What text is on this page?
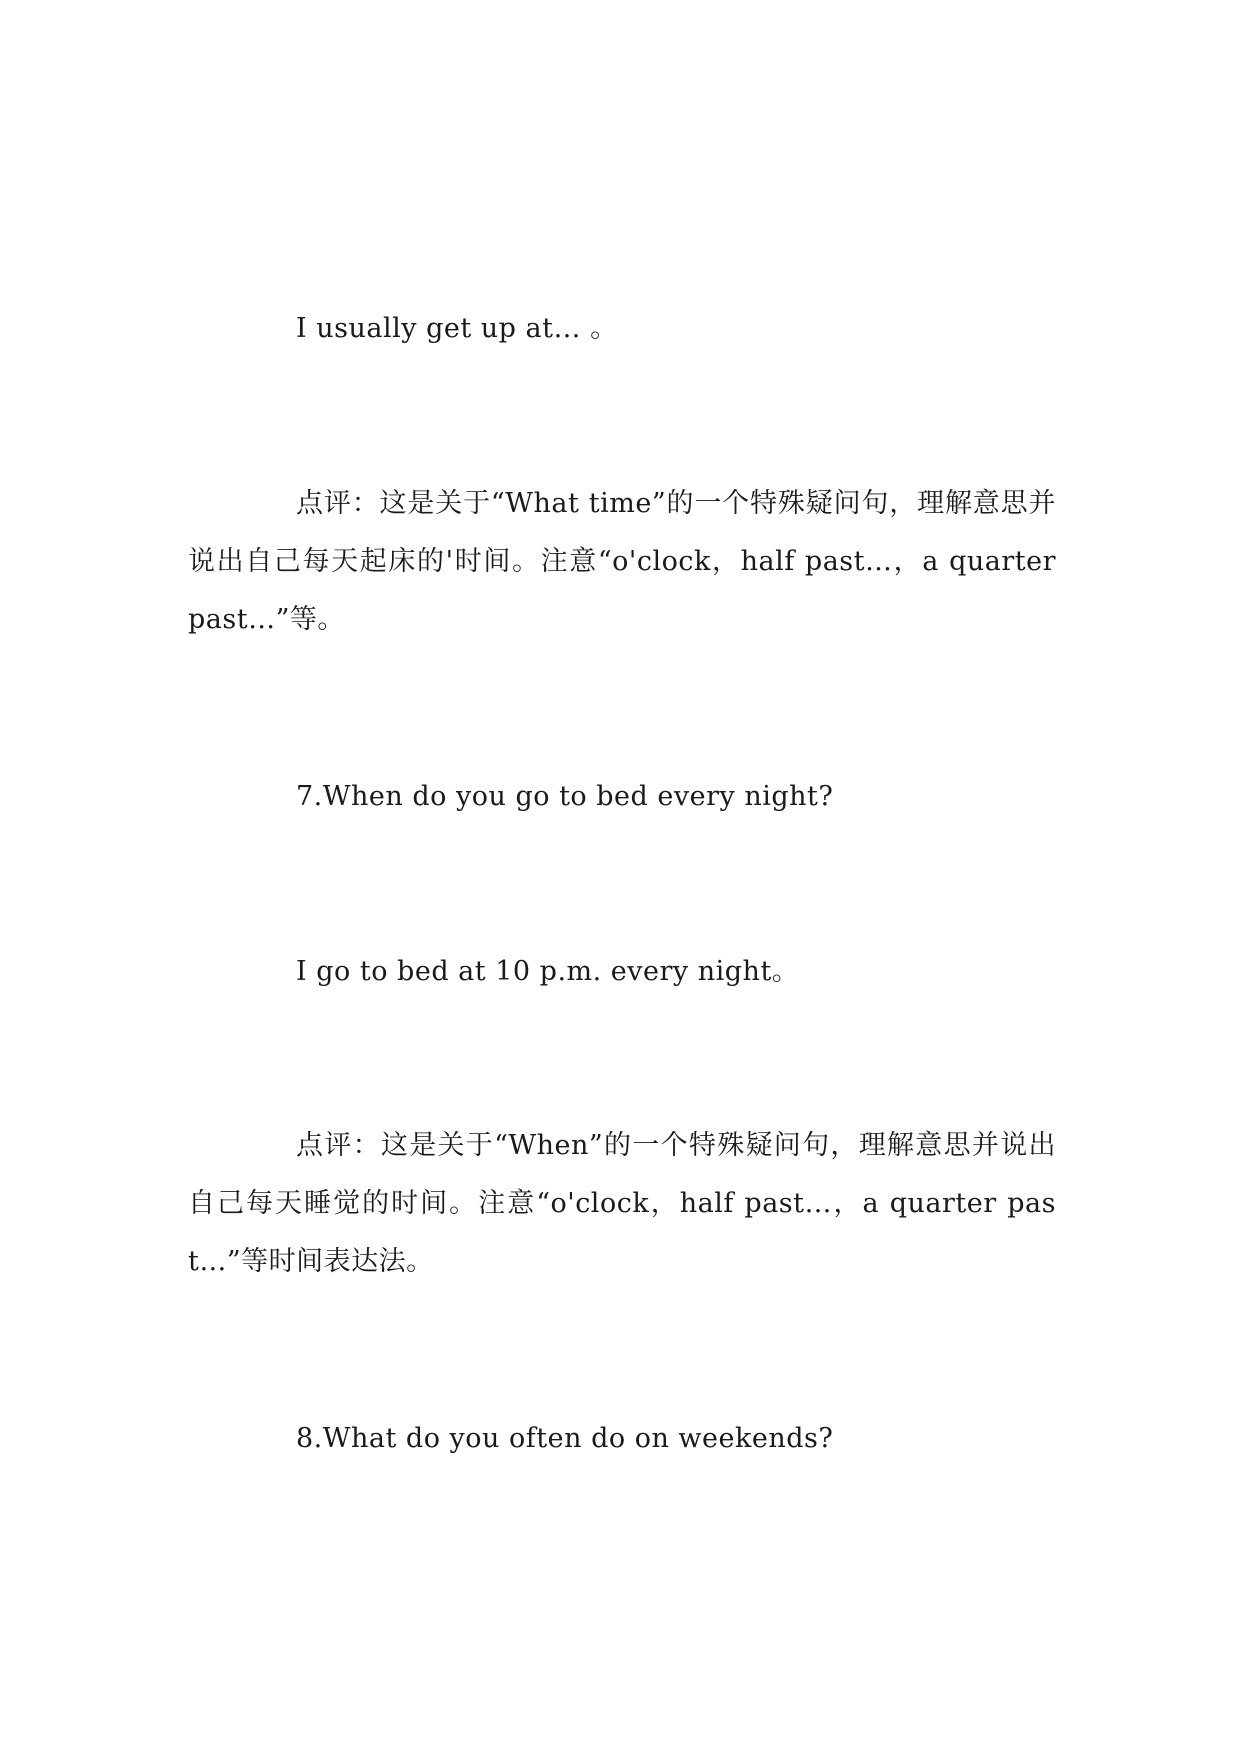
I usually get up at… 。

点评：这是关于“What time”的一个特殊疑问句，理解意思并说出自己每天起床的'时间。注意“o'clock，half past…，a quarter past…”等。

7.When do you go to bed every night?

I go to bed at 10 p.m. every night。

点评：这是关于“When”的一个特殊疑问句，理解意思并说出自己每天睡觉的时间。注意“o'clock，half past…，a quarter past…”等时间表达法。

8.What do you often do on weekends?
